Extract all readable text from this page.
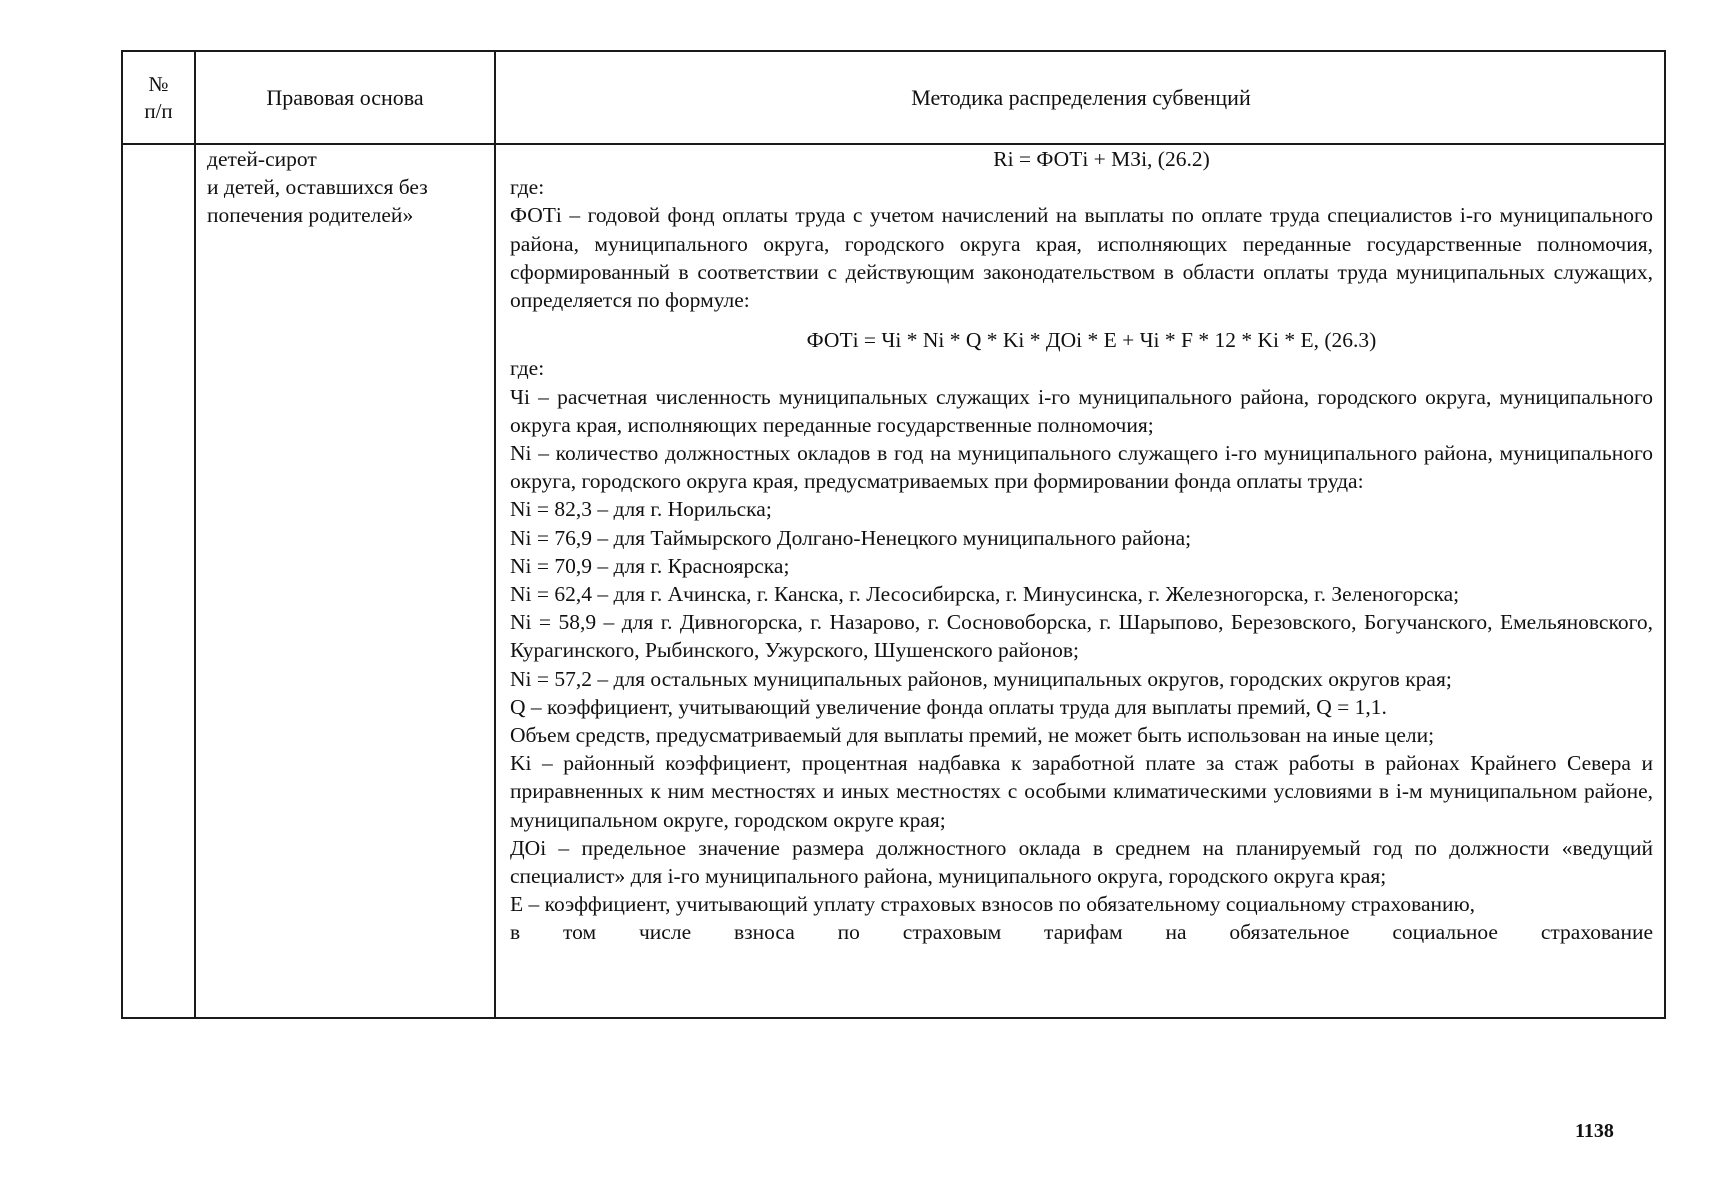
№
п/п
Правовая основа	Методика распределения субвенций
детей-сирот
и детей, оставшихся без
попечения родителей»
Ri = ФОТi + МЗi, (26.2)
где:
ФОТi – годовой фонд оплаты труда с учетом начислений на выплаты по оплате труда специалистов i-го муниципального района, муниципального округа, городского округа края, исполняющих переданные государственные полномочия, сформированный в соответствии с действующим законодательством в области оплаты труда муниципальных служащих, определяется по формуле:
ФОТi = Чi * Ni * Q * Ki * ДОi * Е + Чi * F * 12 * Ki * Е, (26.3)
где:
Чi – расчетная численность муниципальных служащих i-го муниципального района, городского округа, муниципального округа края, исполняющих переданные государственные полномочия;
Ni – количество должностных окладов в год на муниципального служащего i-го муниципального района, муниципального округа, городского округа края, предусматриваемых при формировании фонда оплаты труда:
Ni = 82,3 – для г. Норильска;
Ni = 76,9 – для Таймырского Долгано-Ненецкого муниципального района;
Ni = 70,9 – для г. Красноярска;
Ni = 62,4 – для г. Ачинска, г. Канска, г. Лесосибирска, г. Минусинска, г. Железногорска, г. Зеленогорска;
Ni = 58,9 – для г. Дивногорска, г. Назарово, г. Сосновоборска, г. Шарыпово, Березовского, Богучанского, Емельяновского, Курагинского, Рыбинского, Ужурского, Шушенского районов;
Ni = 57,2 – для остальных муниципальных районов, муниципальных округов, городских округов края;
Q – коэффициент, учитывающий увеличение фонда оплаты труда для выплаты премий, Q = 1,1.
Объем средств, предусматриваемый для выплаты премий, не может быть использован на иные цели;
Ki – районный коэффициент, процентная надбавка к заработной плате за стаж работы в районах Крайнего Севера и приравненных к ним местностях и иных местностях с особыми климатическими условиями в i-м муниципальном районе, муниципальном округе, городском округе края;
ДОi – предельное значение размера должностного оклада в среднем на планируемый год по должности «ведущий специалист» для i-го муниципального района, муниципального округа, городского округа края;
Е – коэффициент, учитывающий уплату страховых взносов по обязательному социальному страхованию,
в том числе взноса по страховым тарифам на обязательное социальное страхование
1138
